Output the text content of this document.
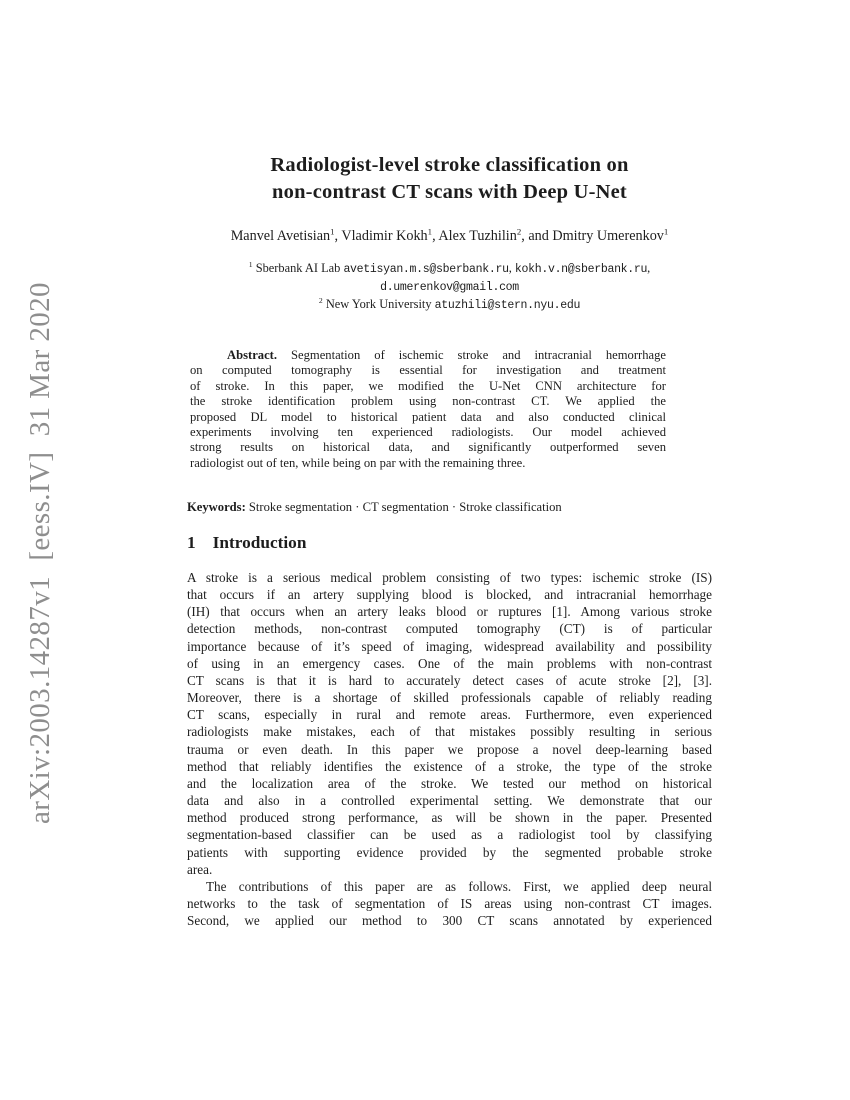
arXiv:2003.14287v1  [eess.IV]  31 Mar 2020
Radiologist-level stroke classification on
non-contrast CT scans with Deep U-Net
Manvel Avetisian$^1$, Vladimir Kokh$^1$, Alex Tuzhilin$^2$, and Dmitry Umerenkov$^1$
$^1$ Sberbank AI Lab avetisyan.m.s@sberbank.ru, kokh.v.n@sberbank.ru,
d.umerenkov@gmail.com
$^2$ New York University atuzhili@stern.nyu.edu
Abstract. Segmentation of ischemic stroke and intracranial hemorrhage
on computed tomography is essential for investigation and treatment
of stroke. In this paper, we modified the U-Net CNN architecture for
the stroke identification problem using non-contrast CT. We applied the
proposed DL model to historical patient data and also conducted clinical
experiments involving ten experienced radiologists. Our model achieved
strong results on historical data, and significantly outperformed seven
radiologist out of ten, while being on par with the remaining three.
Keywords: Stroke segmentation · CT segmentation · Stroke classification
1 Introduction
A stroke is a serious medical problem consisting of two types: ischemic stroke (IS)
that occurs if an artery supplying blood is blocked, and intracranial hemorrhage
(IH) that occurs when an artery leaks blood or ruptures [1]. Among various stroke
detection methods, non-contrast computed tomography (CT) is of particular
importance because of it’s speed of imaging, widespread availability and possibility
of using in an emergency cases. One of the main problems with non-contrast
CT scans is that it is hard to accurately detect cases of acute stroke [2], [3].
Moreover, there is a shortage of skilled professionals capable of reliably reading
CT scans, especially in rural and remote areas. Furthermore, even experienced
radiologists make mistakes, each of that mistakes possibly resulting in serious
trauma or even death. In this paper we propose a novel deep-learning based
method that reliably identifies the existence of a stroke, the type of the stroke
and the localization area of the stroke. We tested our method on historical
data and also in a controlled experimental setting. We demonstrate that our
method produced strong performance, as will be shown in the paper. Presented
segmentation-based classifier can be used as a radiologist tool by classifying
patients with supporting evidence provided by the segmented probable stroke
area.
The contributions of this paper are as follows. First, we applied deep neural
networks to the task of segmentation of IS areas using non-contrast CT images.
Second, we applied our method to 300 CT scans annotated by experienced
